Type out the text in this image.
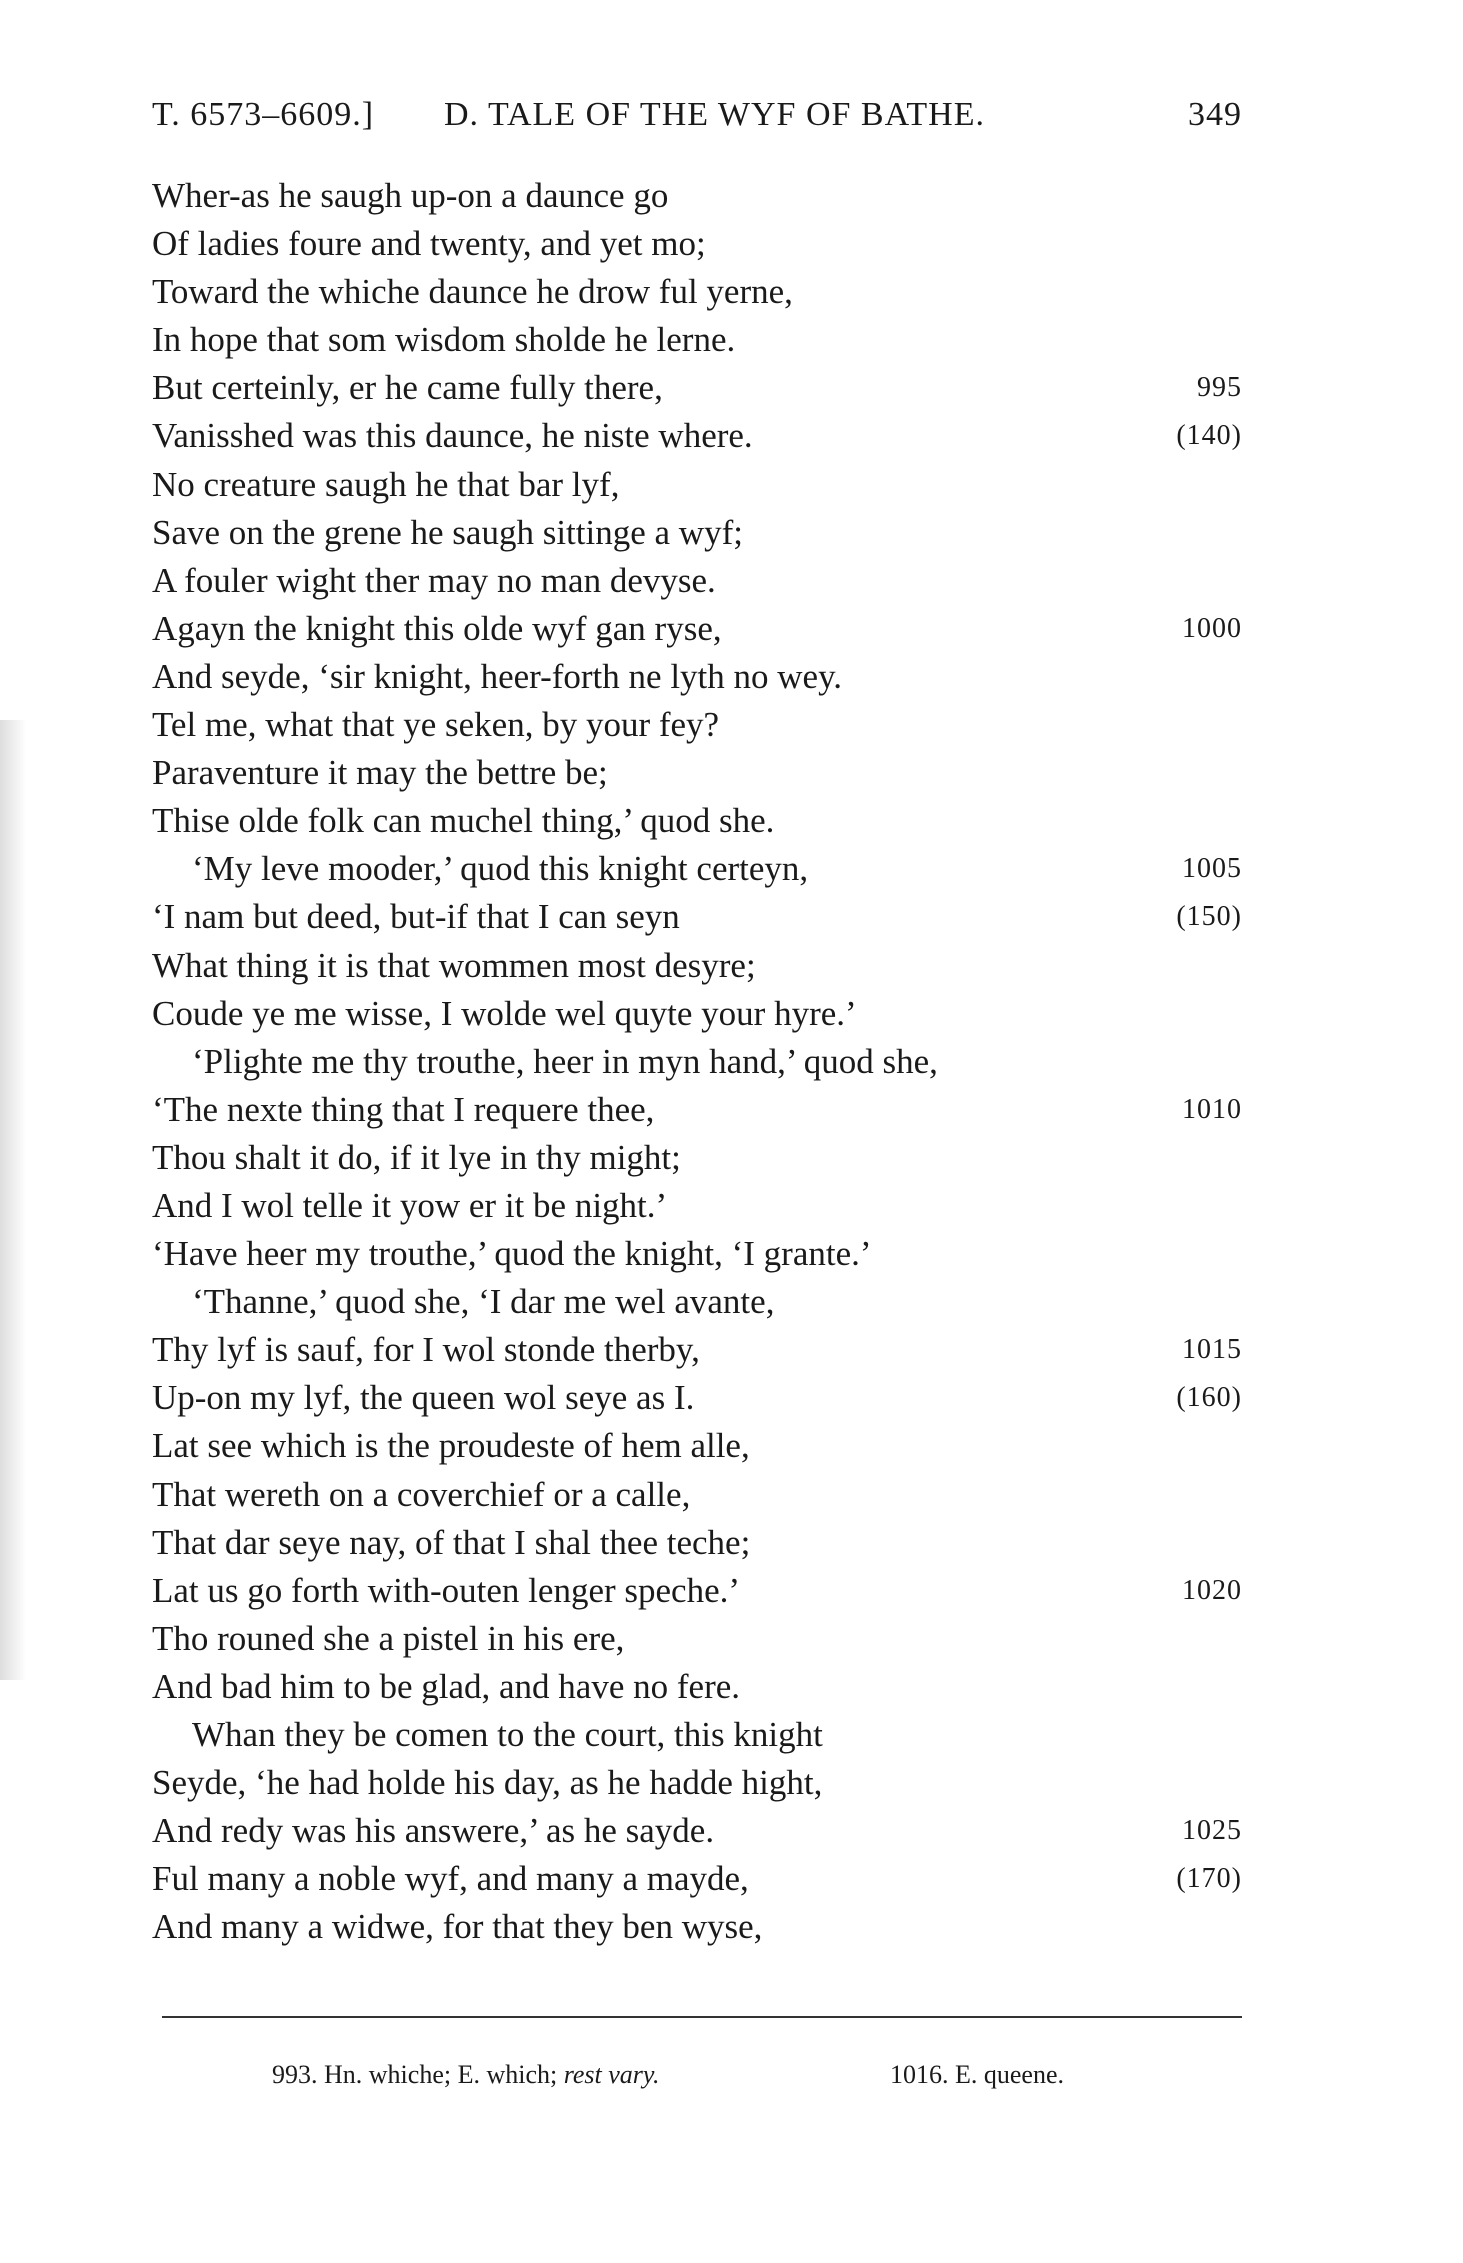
T. 6573–6609.] D. TALE OF THE WYF OF BATHE.	349
Wher-as he saugh up-on a daunce go
Of ladies foure and twenty, and yet mo;
Toward the whiche daunce he drow ful yerne,
In hope that som wisdom sholde he lerne.
But certeinly, er he came fully there,	995
Vanisshed was this daunce, he niste where.	(140)
No creature saugh he that bar lyf,
Save on the grene he saugh sittinge a wyf;
A fouler wight ther may no man devyse.
Agayn the knight this olde wyf gan ryse,	1000
And seyde, ‘sir knight, heer-forth ne lyth no wey.
Tel me, what that ye seken, by your fey?
Paraventure it may the bettre be;
Thise olde folk can muchel thing,’ quod she.
‘My leve mooder,’ quod this knight certeyn,	1005
‘I nam but deed, but-if that I can seyn	(150)
What thing it is that wommen most desyre;
Coude ye me wisse, I wolde wel quyte your hyre.’
‘Plighte me thy trouthe, heer in myn hand,’ quod she,
‘The nexte thing that I requere thee,	1010
Thou shalt it do, if it lye in thy might;
And I wol telle it yow er it be night.’
‘Have heer my trouthe,’ quod the knight, ‘I grante.’
‘Thanne,’ quod she, ‘I dar me wel avante,
Thy lyf is sauf, for I wol stonde therby,	1015
Up-on my lyf, the queen wol seye as I.	(160)
Lat see which is the proudeste of hem alle,
That wereth on a coverchief or a calle,
That dar seye nay, of that I shal thee teche;
Lat us go forth with-outen lenger speche.’	1020
Tho rouned she a pistel in his ere,
And bad him to be glad, and have no fere.
Whan they be comen to the court, this knight
Seyde, ‘he had holde his day, as he hadde hight,
And redy was his answere,’ as he sayde.	1025
Ful many a noble wyf, and many a mayde,	(170)
And many a widwe, for that they ben wyse,
993. Hn. whiche; E. which; rest vary.	1016. E. queene.
